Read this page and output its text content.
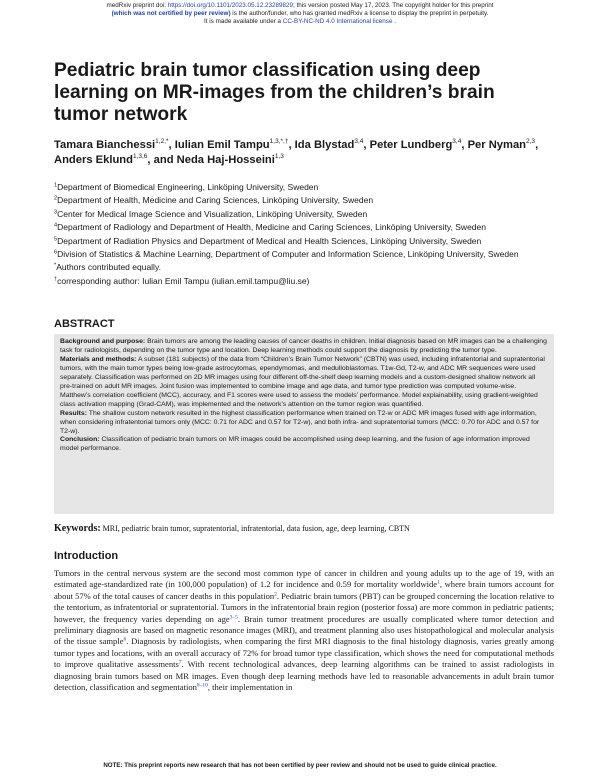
medRxiv preprint doi: https://doi.org/10.1101/2023.05.12.23289829; this version posted May 17, 2023. The copyright holder for this preprint
(which was not certified by peer review) is the author/funder, who has granted medRxiv a license to display the preprint in perpetuity.
It is made available under a CC-BY-NC-ND 4.0 International license .
Pediatric brain tumor classification using deep learning on MR-images from the children’s brain tumor network
Tamara Bianchessi$^{1,2,*}$, Iulian Emil Tampu$^{1,3,*,\dagger}$, Ida Blystad$^{3,4}$, Peter Lundberg$^{3,4}$, Per Nyman$^{2,3}$, Anders Eklund$^{1,3,6}$, and Neda Haj-Hosseini$^{1,3}$
$^1$Department of Biomedical Engineering, Linköping University, Sweden
$^2$Department of Health, Medicine and Caring Sciences, Linköping University, Sweden
$^3$Center for Medical Image Science and Visualization, Linköping University, Sweden
$^4$Department of Radiology and Department of Health, Medicine and Caring Sciences, Linköping University, Sweden
$^5$Department of Radiation Physics and Department of Medical and Health Sciences, Linköping University, Sweden
$^6$Division of Statistics & Machine Learning, Department of Computer and Information Science, Linköping University, Sweden
*Authors contributed equally.
†corresponding author: Iulian Emil Tampu (iulian.emil.tampu@liu.se)
ABSTRACT

Background and purpose: Brain tumors are among the leading causes of cancer deaths in children. Initial diagnosis based on MR images can be a challenging task for radiologists, depending on the tumor type and location. Deep learning methods could support the diagnosis by predicting the tumor type.

Materials and methods: A subset (181 subjects) of the data from “Children’s Brain Tumor Network” (CBTN) was used, including infratentorial and supratentorial tumors, with the main tumor types being low-grade astrocytomas, ependymomas, and medulloblastomas. T1w-Gd, T2-w, and ADC MR sequences were used separately. Classification was performed on 2D MR images using four different off-the-shelf deep learning models and a custom-designed shallow network all pre-trained on adult MR images. Joint fusion was implemented to combine image and age data, and tumor type prediction was computed volume-wise. Matthew’s correlation coefficient (MCC), accuracy, and F1 scores were used to assess the models’ performance. Model explainability, using gradient-weighted class activation mapping (Grad-CAM), was implemented and the network’s attention on the tumor region was quantified.

Results: The shallow custom network resulted in the highest classification performance when trained on T2-w or ADC MR images fused with age information, when considering infratentorial tumors only (MCC: 0.71 for ADC and 0.57 for T2-w), and both infra- and supratentorial tumors (MCC: 0.70 for ADC and 0.57 for T2-w).

Conclusion: Classification of pediatric brain tumors on MR images could be accomplished using deep learning, and the fusion of age information improved model performance.

Keywords: MRI, pediatric brain tumor, supratentorial, infratentorial, data fusion, age, deep learning, CBTN
Introduction

Tumors in the central nervous system are the second most common type of cancer in children and young adults up to the age of 19, with an estimated age-standardized rate (in 100,000 population) of 1.2 for incidence and 0.59 for mortality worldwide$^1$, where brain tumors account for about 57% of the total causes of cancer deaths in this population$^2$. Pediatric brain tumors (PBT) can be grouped concerning the location relative to the tentorium, as infratentorial or supratentorial. Tumors in the infratentorial brain region (posterior fossa) are more common in pediatric patients; however, the frequency varies depending on age$^{3-5}$. Brain tumor treatment procedures are usually complicated where tumor detection and preliminary diagnosis are based on magnetic resonance images (MRI), and treatment planning also uses histopathological and molecular analysis of the tissue sample$^6$. Diagnosis by radiologists, when comparing the first MRI diagnosis to the final histology diagnosis, varies greatly among tumor types and locations, with an overall accuracy of 72% for broad tumor type classification, which shows the need for computational methods to improve qualitative assessments$^7$. With recent technological advances, deep learning algorithms can be trained to assist radiologists in diagnosing brain tumors based on MR images. Even though deep learning methods have led to reasonable advancements in adult brain tumor detection, classification and segmentation$^{8-10}$, their implementation in

NOTE: This preprint reports new research that has not been certified by peer review and should not be used to guide clinical practice.
